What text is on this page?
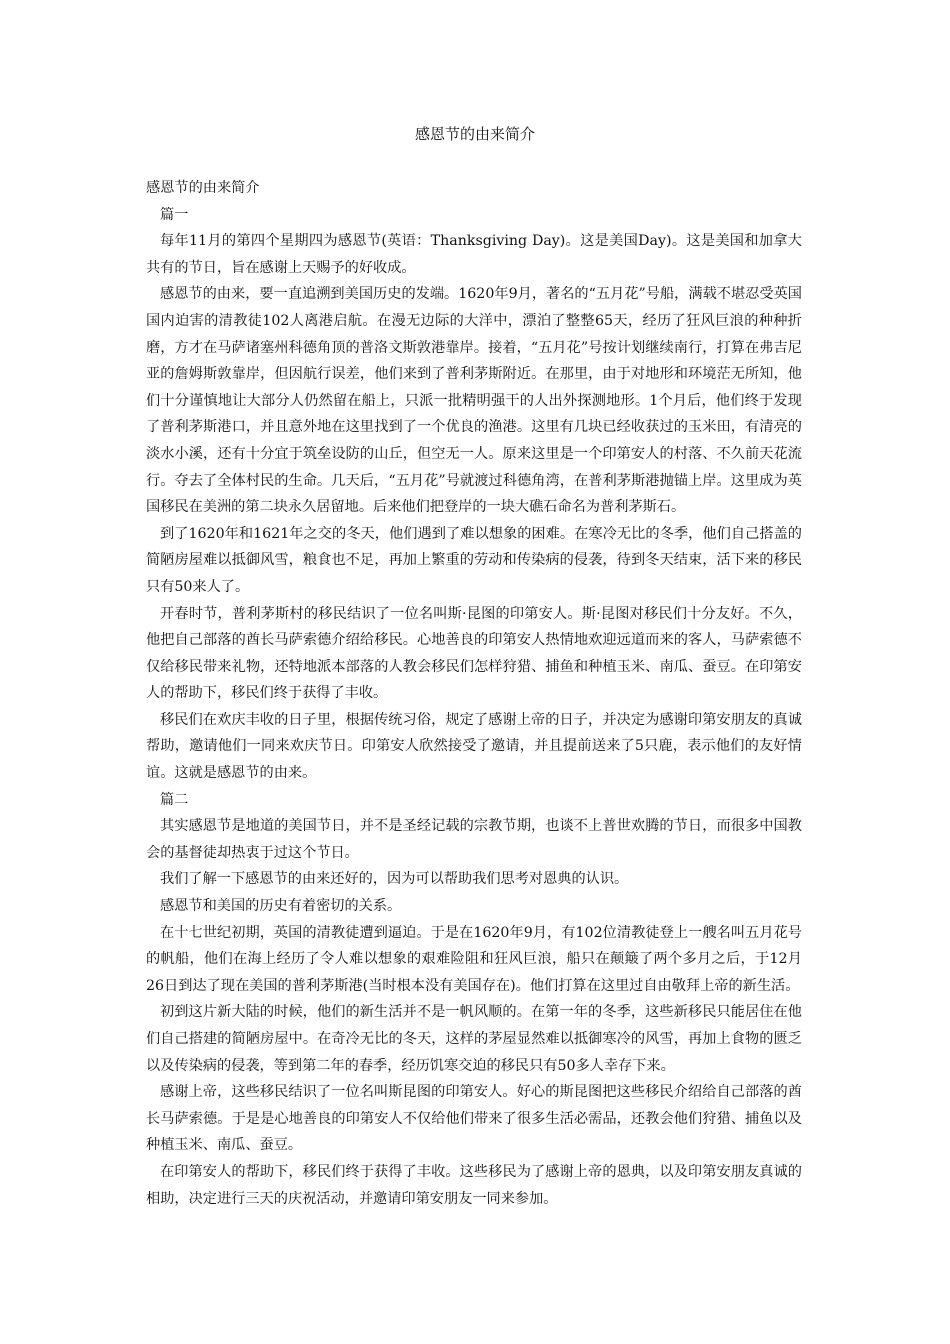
感恩节的由来简介

感恩节的由来简介

篇一

每年11月的第四个星期四为感恩节(英语：Thanksgiving Day)。这是美国Day)。这是美国和加拿大共有的节日，旨在感谢上天赐予的好收成。

感恩节的由来，要一直追溯到美国历史的发端。1620年9月，著名的“五月花”号船，满载不堪忍受英国国内迫害的清教徒102人离港启航。在漫无边际的大洋中，漂泊了整整65天，经历了狂风巨浪的种种折磨，方才在马萨诸塞州科德角顶的普洛文斯敦港靠岸。接着，“五月花”号按计划继续南行，打算在弗吉尼亚的詹姆斯敦靠岸，但因航行误差，他们来到了普利茅斯附近。在那里，由于对地形和环境茫无所知，他们十分谨慎地让大部分人仍然留在船上，只派一批精明强干的人出外探测地形。1个月后，他们终于发现了普利茅斯港口，并且意外地在这里找到了一个优良的渔港。这里有几块已经收获过的玉米田，有清亮的淡水小溪，还有十分宜于筑垒设防的山丘，但空无一人。原来这里是一个印第安人的村落、不久前天花流行。夺去了全体村民的生命。几天后，“五月花”号就渡过科德角湾，在普利茅斯港抛锚上岸。这里成为英国移民在美洲的第二块永久居留地。后来他们把登岸的一块大礁石命名为普利茅斯石。

到了1620年和1621年之交的冬天，他们遇到了难以想象的困难。在寒冷无比的冬季，他们自己搭盖的简陋房屋难以抵御风雪，粮食也不足，再加上繁重的劳动和传染病的侵袭，待到冬天结束，活下来的移民只有50来人了。

开春时节，普利茅斯村的移民结识了一位名叫斯·昆图的印第安人。斯·昆图对移民们十分友好。不久，他把自己部落的酋长马萨索德介绍给移民。心地善良的印第安人热情地欢迎远道而来的客人，马萨索德不仅给移民带来礼物，还特地派本部落的人教会移民们怎样狩猎、捕鱼和种植玉米、南瓜、蚕豆。在印第安人的帮助下，移民们终于获得了丰收。

移民们在欢庆丰收的日子里，根据传统习俗，规定了感谢上帝的日子，并决定为感谢印第安朋友的真诚帮助，邀请他们一同来欢庆节日。印第安人欣然接受了邀请，并且提前送来了5只鹿，表示他们的友好情谊。这就是感恩节的由来。

篇二

其实感恩节是地道的美国节日，并不是圣经记载的宗教节期，也谈不上普世欢腾的节日，而很多中国教会的基督徒却热衷于过这个节日。

我们了解一下感恩节的由来还好的，因为可以帮助我们思考对恩典的认识。

感恩节和美国的历史有着密切的关系。

在十七世纪初期，英国的清教徒遭到逼迫。于是在1620年9月，有102位清教徒登上一艘名叫五月花号的帆船，他们在海上经历了令人难以想象的艰难险阻和狂风巨浪，船只在颠簸了两个多月之后，于12月26日到达了现在美国的普利茅斯港(当时根本没有美国存在)。他们打算在这里过自由敬拜上帝的新生活。

初到这片新大陆的时候，他们的新生活并不是一帆风顺的。在第一年的冬季，这些新移民只能居住在他们自己搭建的简陋房屋中。在奇冷无比的冬天，这样的茅屋显然难以抵御寒冷的风雪，再加上食物的匮乏以及传染病的侵袭，等到第二年的春季，经历饥寒交迫的移民只有50多人幸存下来。

感谢上帝，这些移民结识了一位名叫斯昆图的印第安人。好心的斯昆图把这些移民介绍给自己部落的酋长马萨索德。于是是心地善良的印第安人不仅给他们带来了很多生活必需品，还教会他们狩猎、捕鱼以及种植玉米、南瓜、蚕豆。

在印第安人的帮助下，移民们终于获得了丰收。这些移民为了感谢上帝的恩典，以及印第安朋友真诚的相助，决定进行三天的庆祝活动，并邀请印第安朋友一同来参加。
